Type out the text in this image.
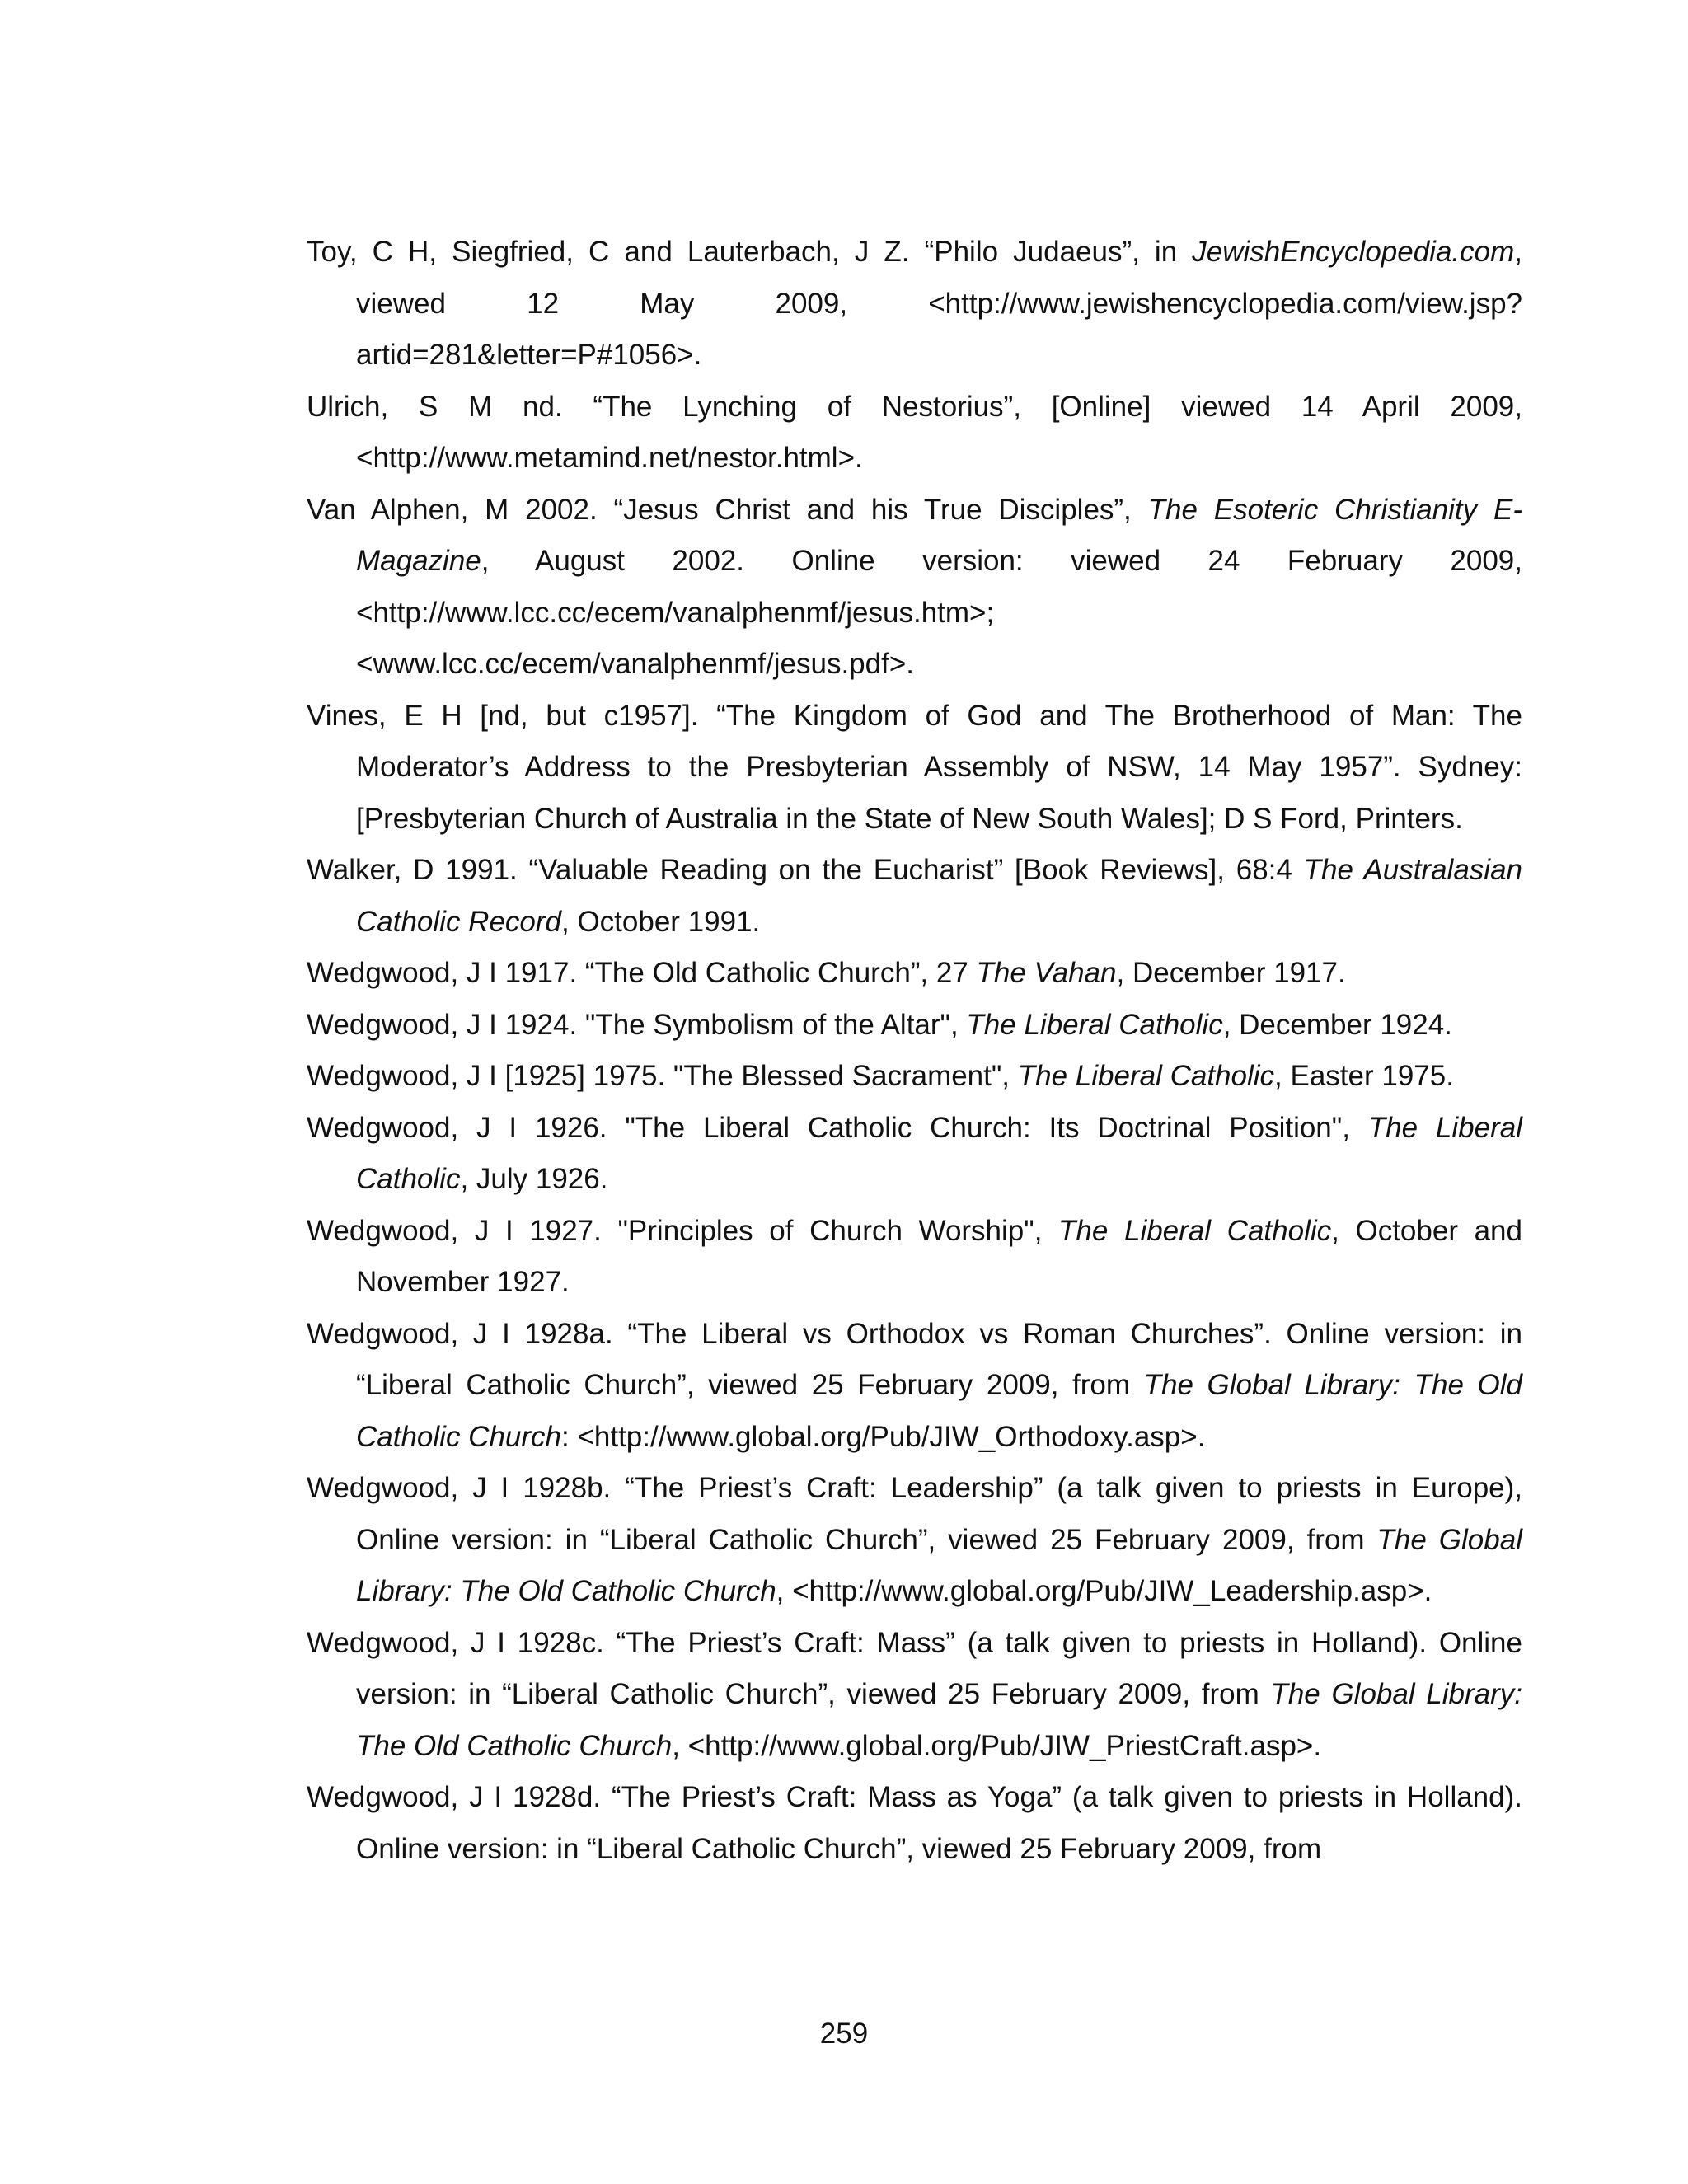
Toy, C H, Siegfried, C and Lauterbach, J Z. “Philo Judaeus”, in JewishEncyclopedia.com, viewed 12 May 2009, <http://www.jewishencyclopedia.com/view.jsp?artid=281&letter=P#1056>.
Ulrich, S M nd. “The Lynching of Nestorius”, [Online] viewed 14 April 2009, <http://www.metamind.net/nestor.html>.
Van Alphen, M 2002. “Jesus Christ and his True Disciples”, The Esoteric Christianity E-Magazine, August 2002. Online version: viewed 24 February 2009, <http://www.lcc.cc/ecem/vanalphenmf/jesus.htm>; <www.lcc.cc/ecem/vanalphenmf/jesus.pdf>.
Vines, E H [nd, but c1957]. “The Kingdom of God and The Brotherhood of Man: The Moderator’s Address to the Presbyterian Assembly of NSW, 14 May 1957”. Sydney: [Presbyterian Church of Australia in the State of New South Wales]; D S Ford, Printers.
Walker, D 1991. “Valuable Reading on the Eucharist” [Book Reviews], 68:4 The Australasian Catholic Record, October 1991.
Wedgwood, J I 1917. “The Old Catholic Church”, 27 The Vahan, December 1917.
Wedgwood, J I 1924. "The Symbolism of the Altar", The Liberal Catholic, December 1924.
Wedgwood, J I [1925] 1975. "The Blessed Sacrament", The Liberal Catholic, Easter 1975.
Wedgwood, J I 1926. "The Liberal Catholic Church: Its Doctrinal Position", The Liberal Catholic, July 1926.
Wedgwood, J I 1927. "Principles of Church Worship", The Liberal Catholic, October and November 1927.
Wedgwood, J I 1928a. “The Liberal vs Orthodox vs Roman Churches”. Online version: in “Liberal Catholic Church”, viewed 25 February 2009, from The Global Library: The Old Catholic Church: <http://www.global.org/Pub/JIW_Orthodoxy.asp>.
Wedgwood, J I 1928b. “The Priest’s Craft: Leadership” (a talk given to priests in Europe), Online version: in “Liberal Catholic Church”, viewed 25 February 2009, from The Global Library: The Old Catholic Church, <http://www.global.org/Pub/JIW_Leadership.asp>.
Wedgwood, J I 1928c. “The Priest’s Craft: Mass” (a talk given to priests in Holland). Online version: in “Liberal Catholic Church”, viewed 25 February 2009, from The Global Library: The Old Catholic Church, <http://www.global.org/Pub/JIW_PriestCraft.asp>.
Wedgwood, J I 1928d. “The Priest’s Craft: Mass as Yoga” (a talk given to priests in Holland). Online version: in “Liberal Catholic Church”, viewed 25 February 2009, from
259
